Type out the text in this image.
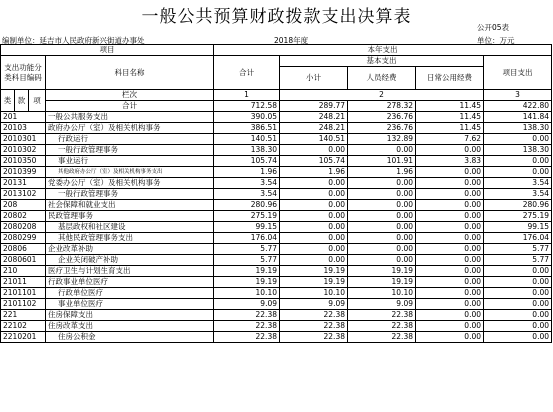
一般公共预算财政拨款支出决算表
公开05表
编制单位：延吉市人民政府新兴街道办事处	2018年度	单位：万元
项目				本年支出				
支出功能分类科目编码			科目名称	合计	基本支出			项目支出
					小计	人员经费	日常公用经费	
类	款	项	栏次	1	2			3
			合计	712.58	289.77	278.32	11.45	422.80
201			一般公共服务支出	390.05	248.21	236.76	11.45	141.84
20103			政府办公厅（室）及相关机构事务	386.51	248.21	236.76	11.45	138.30
2010301			行政运行	140.51	140.51	132.89	7.62	0.00
2010302			一般行政管理事务	138.30	0.00	0.00	0.00	138.30
2010350			事业运行	105.74	105.74	101.91	3.83	0.00
2010399			其他政府办公厅（室）及相关机构事务支出	1.96	1.96	1.96	0.00	0.00
20131			党委办公厅（室）及相关机构事务	3.54	0.00	0.00	0.00	3.54
2013102			一般行政管理事务	3.54	0.00	0.00	0.00	3.54
208			社会保障和就业支出	280.96	0.00	0.00	0.00	280.96
20802			民政管理事务	275.19	0.00	0.00	0.00	275.19
2080208			基层政权和社区建设	99.15	0.00	0.00	0.00	99.15
2080299			其他民政管理事务支出	176.04	0.00	0.00	0.00	176.04
20806			企业改革补助	5.77	0.00	0.00	0.00	5.77
2080601			企业关闭破产补助	5.77	0.00	0.00	0.00	5.77
210			医疗卫生与计划生育支出	19.19	19.19	19.19	0.00	0.00
21011			行政事业单位医疗	19.19	19.19	19.19	0.00	0.00
2101101			行政单位医疗	10.10	10.10	10.10	0.00	0.00
2101102			事业单位医疗	9.09	9.09	9.09	0.00	0.00
221			住房保障支出	22.38	22.38	22.38	0.00	0.00
22102			住房改革支出	22.38	22.38	22.38	0.00	0.00
2210201			住房公积金	22.38	22.38	22.38	0.00	0.00
